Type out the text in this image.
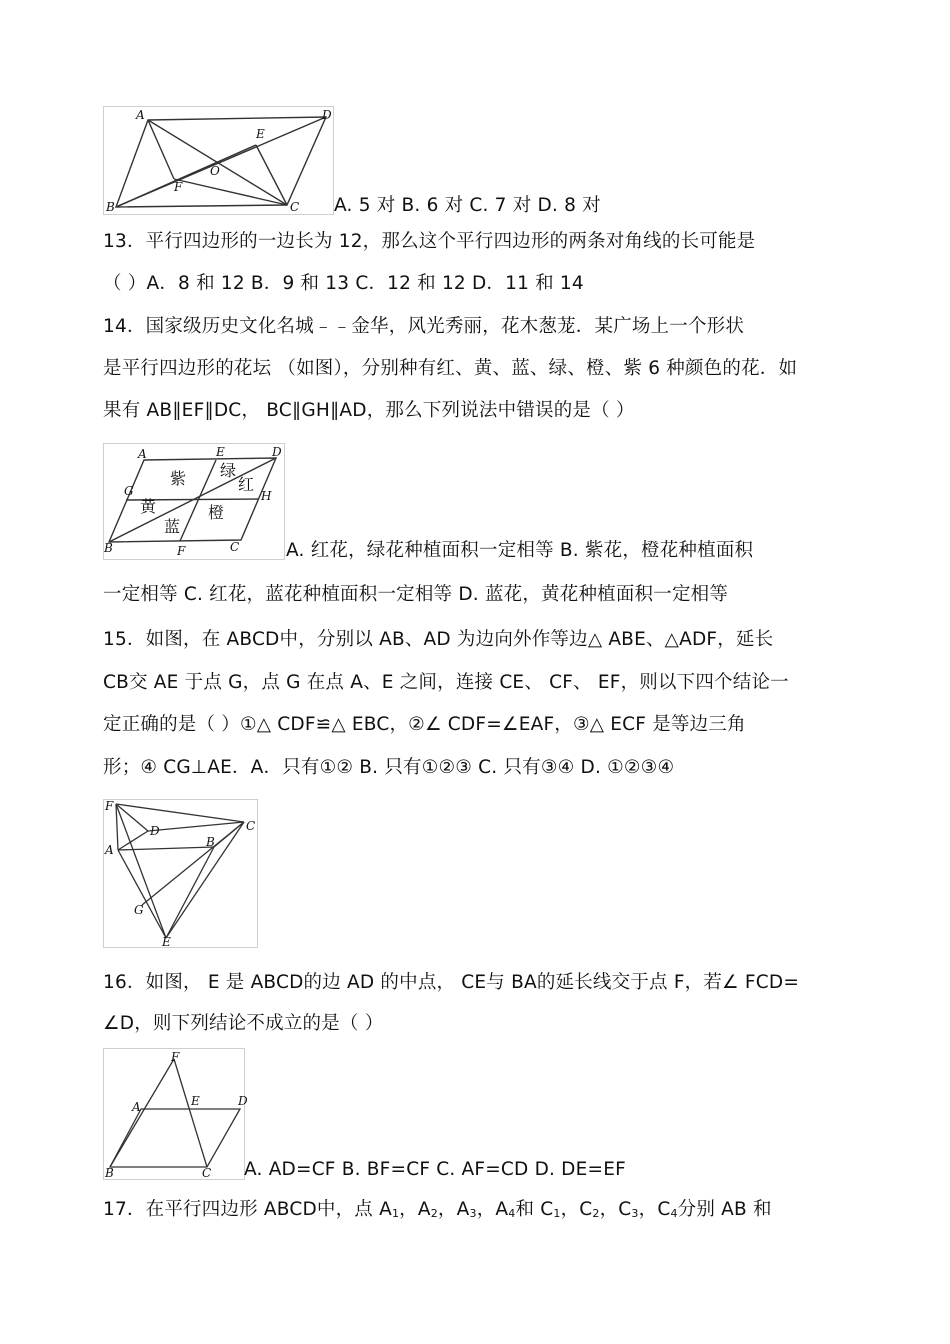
A	D
B	C
E
F
O
A. 5 对 B. 6 对 C. 7 对 D. 8 对
13．平行四边形的一边长为 12，那么这个平行四边形的两条对角线的长可能是
（ ）A．8 和 12 B．9 和 13 C．12 和 12 D．11 和 14
14．国家级历史文化名城﹣﹣金华，风光秀丽，花木葱茏．某广场上一个形状
是平行四边形的花坛 （如图），分别种有红、黄、蓝、绿、橙、紫 6 种颜色的花．如
果有 AB∥EF∥DC， BC∥GH∥AD，那么下列说法中错误的是（ ）
A	E	D
G	H
B	F	C
紫 绿
红
黄
蓝
橙
A. 红花，绿花种植面积一定相等 B. 紫花，橙花种植面积
一定相等 C. 红花，蓝花种植面积一定相等 D. 蓝花，黄花种植面积一定相等
15．如图，在 ABCD中，分别以 AB、AD 为边向外作等边△ ABE、△ADF，延长
CB交 AE 于点 G，点 G 在点 A、E 之间，连接 CE、 CF、 EF，则以下四个结论一
定正确的是（ ）①△ CDF≌△ EBC，②∠ CDF=∠EAF，③△ ECF 是等边三角
形；④ CG⊥AE．A．只有①② B. 只有①②③ C. 只有③④ D. ①②③④
F
D
A
B
C
G
E
16．如图， E 是 ABCD的边 AD 的中点， CE与 BA的延长线交于点 F，若∠ FCD=
∠D，则下列结论不成立的是（ ）
F
A	E	D
B	C A. AD=CF B. BF=CF C. AF=CD D. DE=EF
17．在平行四边形 ABCD中，点 $A_1$，$A_2$，$A_3$，$A_4$和 $C_1$，$C_2$，$C_3$，$C_4$分别 AB 和
